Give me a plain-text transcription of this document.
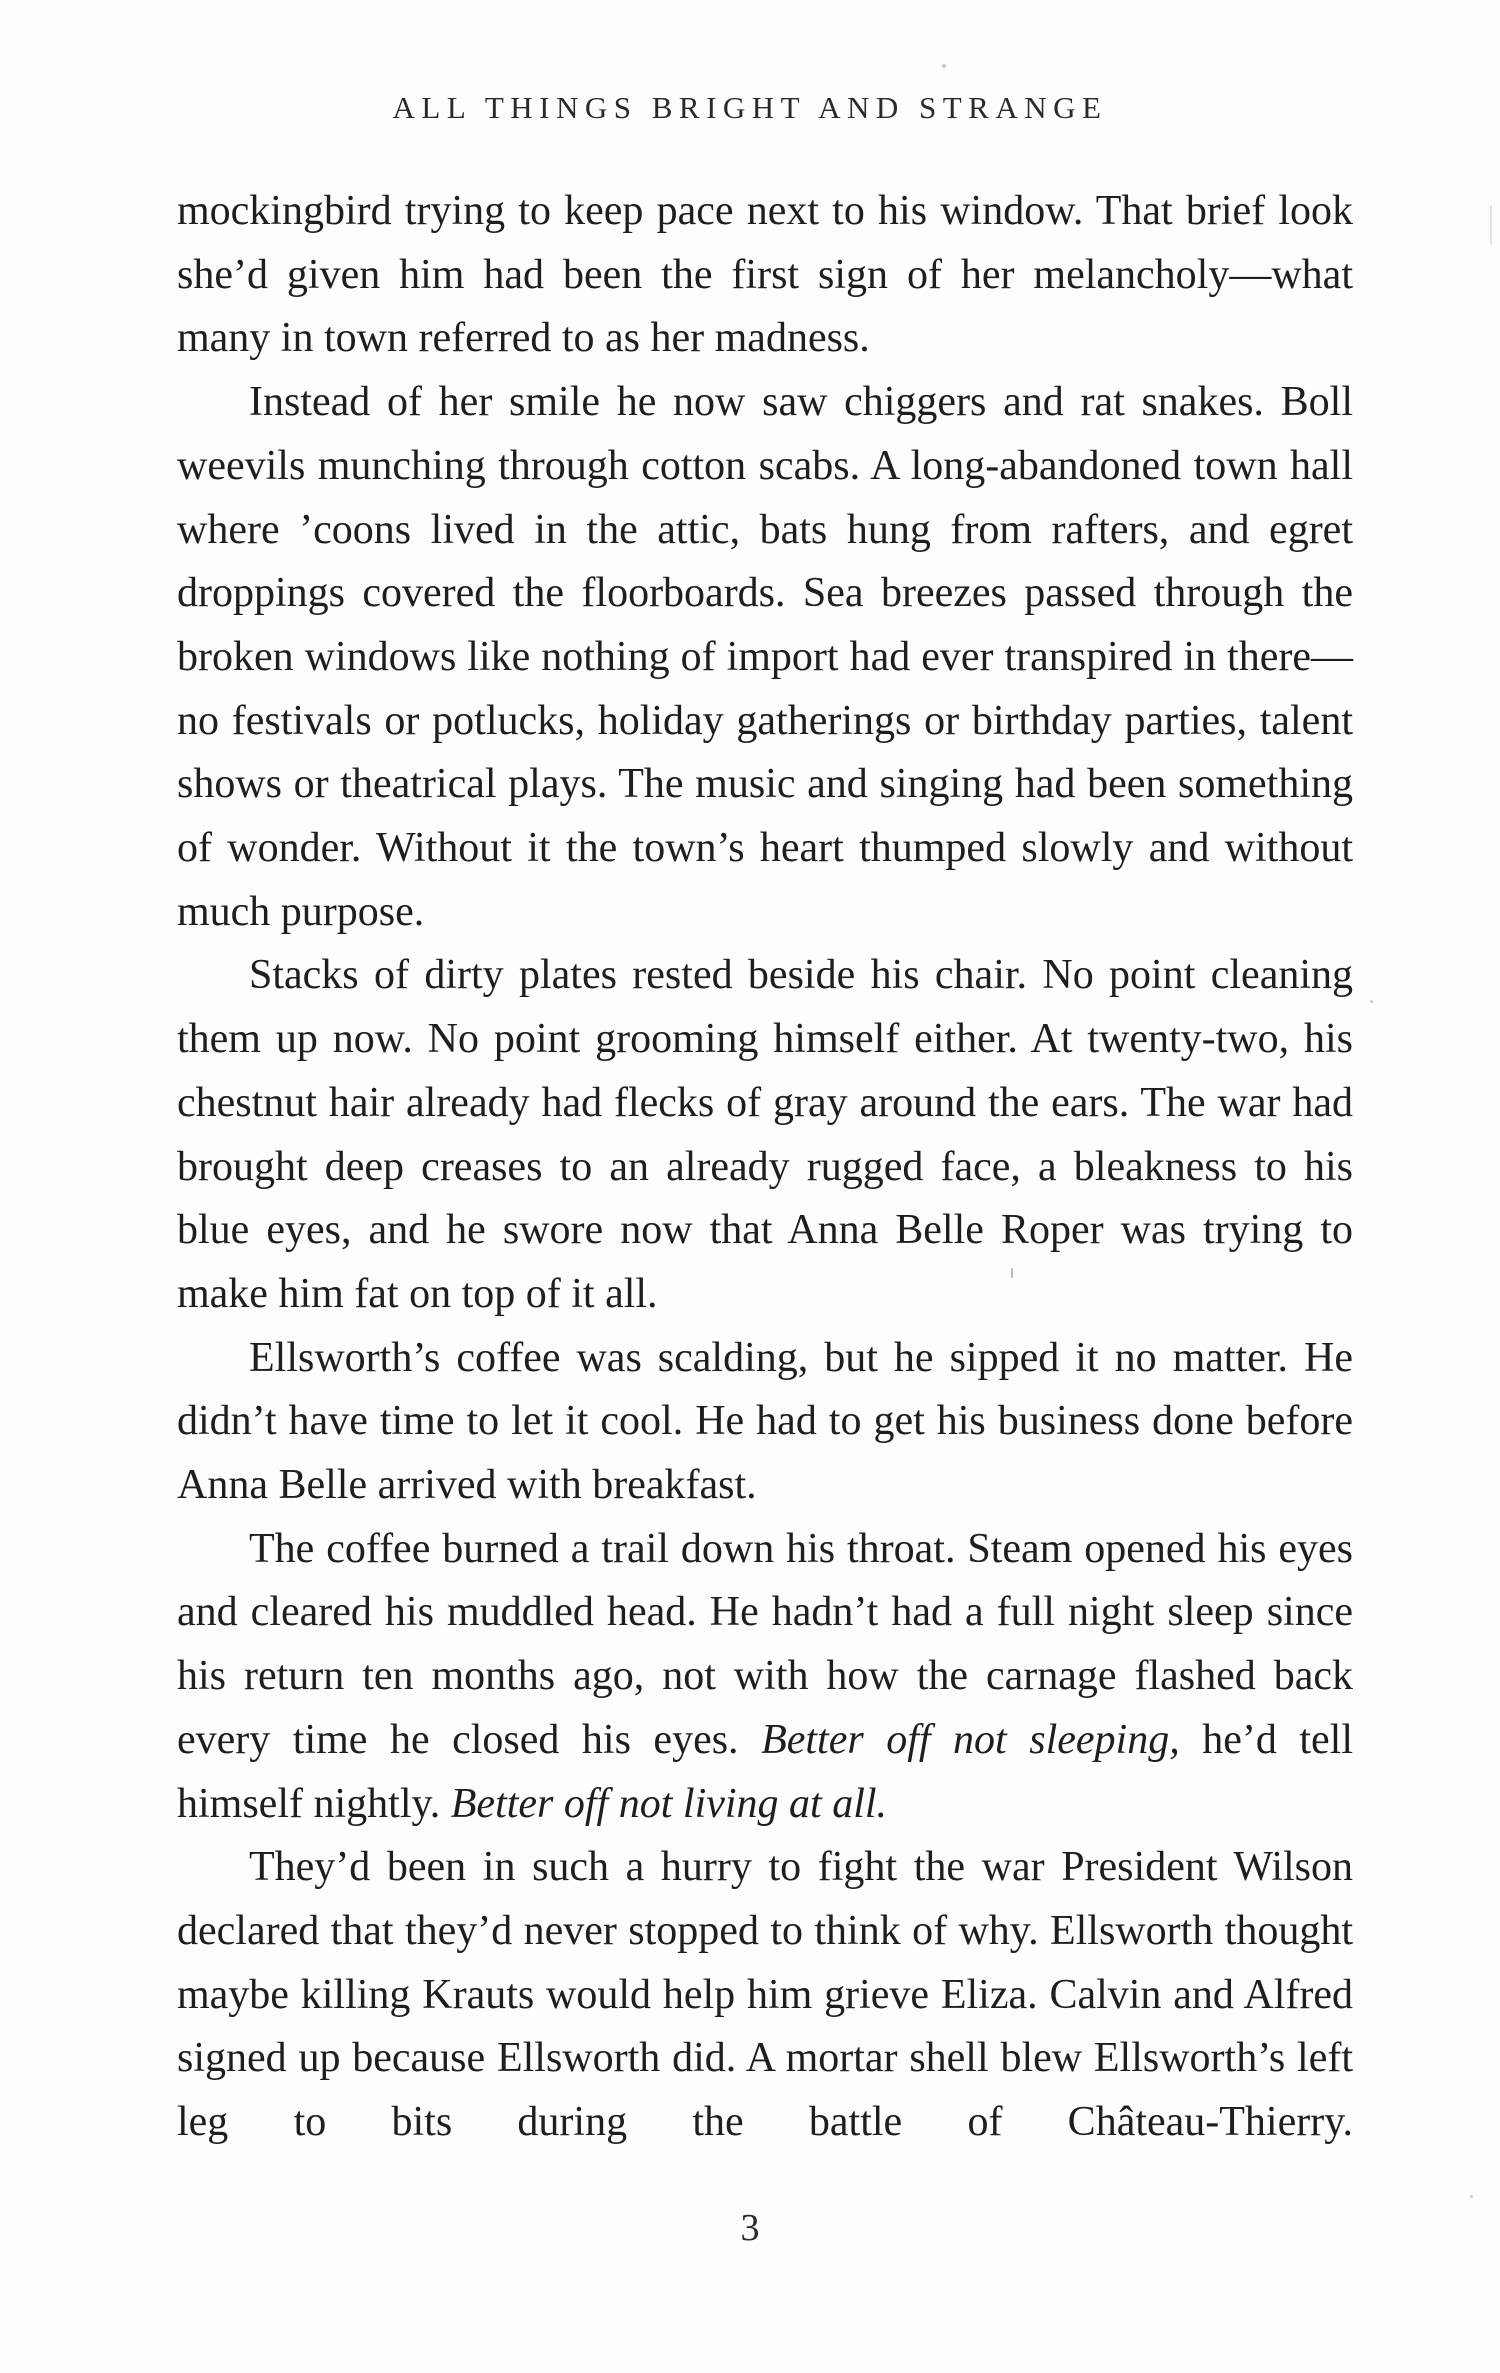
ALL THINGS BRIGHT AND STRANGE

mockingbird trying to keep pace next to his window. That brief look she’d given him had been the first sign of her melancholy—what many in town referred to as her madness.

Instead of her smile he now saw chiggers and rat snakes. Boll weevils munching through cotton scabs. A long-abandoned town hall where ’coons lived in the attic, bats hung from rafters, and egret droppings covered the floorboards. Sea breezes passed through the broken windows like nothing of import had ever transpired in there—no festivals or potlucks, holiday gatherings or birthday parties, talent shows or theatrical plays. The music and singing had been something of wonder. Without it the town’s heart thumped slowly and without much purpose.

Stacks of dirty plates rested beside his chair. No point cleaning them up now. No point grooming himself either. At twenty-two, his chestnut hair already had flecks of gray around the ears. The war had brought deep creases to an already rugged face, a bleakness to his blue eyes, and he swore now that Anna Belle Roper was trying to make him fat on top of it all.

Ellsworth’s coffee was scalding, but he sipped it no matter. He didn’t have time to let it cool. He had to get his business done before Anna Belle arrived with breakfast.

The coffee burned a trail down his throat. Steam opened his eyes and cleared his muddled head. He hadn’t had a full night sleep since his return ten months ago, not with how the carnage flashed back every time he closed his eyes. Better off not sleeping, he’d tell himself nightly. Better off not living at all.

They’d been in such a hurry to fight the war President Wilson declared that they’d never stopped to think of why. Ellsworth thought maybe killing Krauts would help him grieve Eliza. Calvin and Alfred signed up because Ellsworth did. A mortar shell blew Ellsworth’s left leg to bits during the battle of Château-Thierry.

3
